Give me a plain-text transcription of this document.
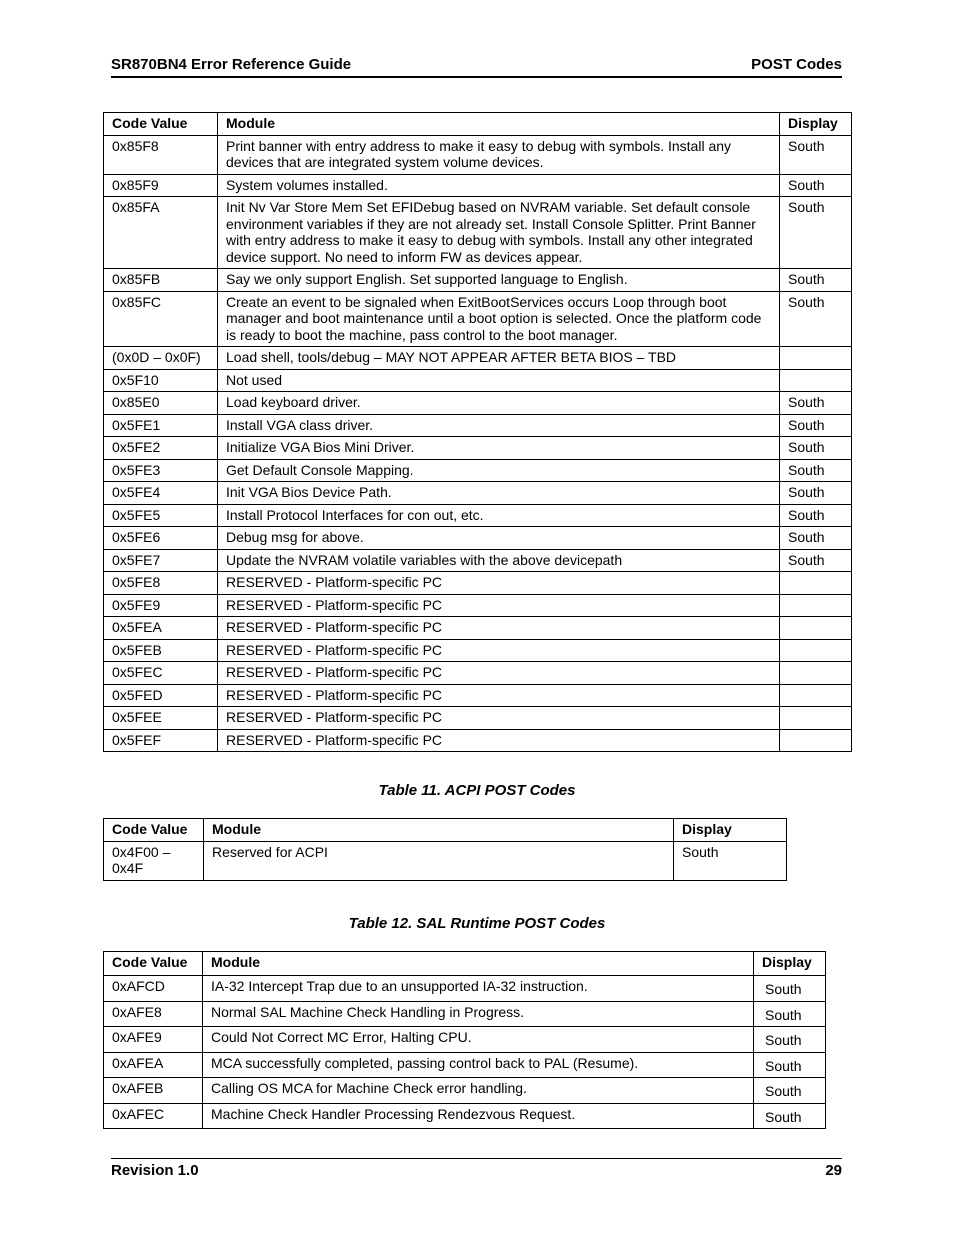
SR870BN4 Error Reference Guide	POST Codes
Code Value	Module	Display
0x85F8	Print banner with entry address to make it easy to debug with symbols. Install any devices that are integrated system volume devices.	South
0x85F9	System volumes installed.	South
0x85FA	Init Nv Var Store Mem Set EFIDebug based on NVRAM variable. Set default console environment variables if they are not already set. Install Console Splitter. Print Banner with entry address to make it easy to debug with symbols. Install any other integrated device support. No need to inform FW as devices appear.	South
0x85FB	Say we only support English. Set supported language to English.	South
0x85FC	Create an event to be signaled when ExitBootServices occurs Loop through boot manager and boot maintenance until a boot option is selected. Once the platform code is ready to boot the machine, pass control to the boot manager.	South
(0x0D – 0x0F)	Load shell, tools/debug – MAY NOT APPEAR AFTER BETA BIOS – TBD	
0x5F10	Not used	
0x85E0	Load keyboard driver.	South
0x5FE1	Install VGA class driver.	South
0x5FE2	Initialize VGA Bios Mini Driver.	South
0x5FE3	Get Default Console Mapping.	South
0x5FE4	Init VGA Bios Device Path.	South
0x5FE5	Install Protocol Interfaces for con out, etc.	South
0x5FE6	Debug msg for above.	South
0x5FE7	Update the NVRAM volatile variables with the above devicepath	South
0x5FE8	RESERVED - Platform-specific PC	
0x5FE9	RESERVED - Platform-specific PC	
0x5FEA	RESERVED - Platform-specific PC	
0x5FEB	RESERVED - Platform-specific PC	
0x5FEC	RESERVED - Platform-specific PC	
0x5FED	RESERVED - Platform-specific PC	
0x5FEE	RESERVED - Platform-specific PC	
0x5FEF	RESERVED - Platform-specific PC	
Table 11. ACPI POST Codes
Code Value	Module	Display
0x4F00 – 0x4F	Reserved for ACPI	South
Table 12. SAL Runtime POST Codes
Code Value	Module	Display
0xAFCD	IA-32 Intercept Trap due to an unsupported IA-32 instruction.	South
0xAFE8	Normal SAL Machine Check Handling in Progress.	South
0xAFE9	Could Not Correct MC Error, Halting CPU.	South
0xAFEA	MCA successfully completed, passing control back to PAL (Resume).	South
0xAFEB	Calling OS MCA for Machine Check error handling.	South
0xAFEC	Machine Check Handler Processing Rendezvous Request.	South
Revision 1.0	29
